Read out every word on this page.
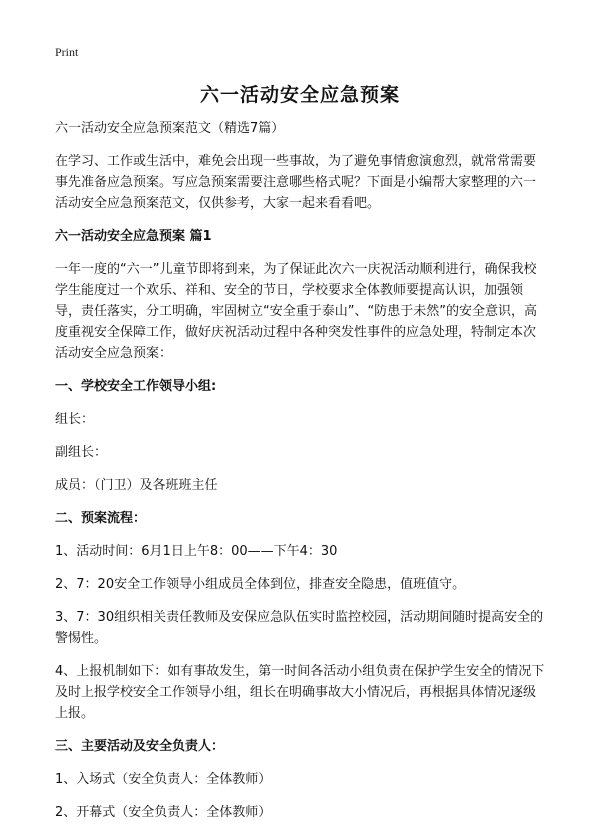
Print
六一活动安全应急预案

六一活动安全应急预案范文（精选7篇）

在学习、工作或生活中，难免会出现一些事故，为了避免事情愈演愈烈，就常常需要事先准备应急预案。写应急预案需要注意哪些格式呢？下面是小编帮大家整理的六一活动安全应急预案范文，仅供参考，大家一起来看看吧。

六一活动安全应急预案 篇1

一年一度的“六一”儿童节即将到来，为了保证此次六一庆祝活动顺利进行，确保我校学生能度过一个欢乐、祥和、安全的节日，学校要求全体教师要提高认识，加强领导，责任落实，分工明确，牢固树立“安全重于泰山”、“防患于未然”的安全意识，高度重视安全保障工作，做好庆祝活动过程中各种突发性事件的应急处理，特制定本次活动安全应急预案：

一、学校安全工作领导小组:

组长：

副组长：

成员：（门卫）及各班班主任

二、预案流程：

1、活动时间：6月1日上午8：00——下午4：30

2、7：20安全工作领导小组成员全体到位，排查安全隐患，值班值守。

3、7：30组织相关责任教师及安保应急队伍实时监控校园，活动期间随时提高安全的警惕性。

4、上报机制如下：如有事故发生，第一时间各活动小组负责在保护学生安全的情况下及时上报学校安全工作领导小组，组长在明确事故大小情况后，再根据具体情况逐级上报。

三、主要活动及安全负责人：

1、入场式（安全负责人：全体教师）

2、开幕式（安全负责人：全体教师）
